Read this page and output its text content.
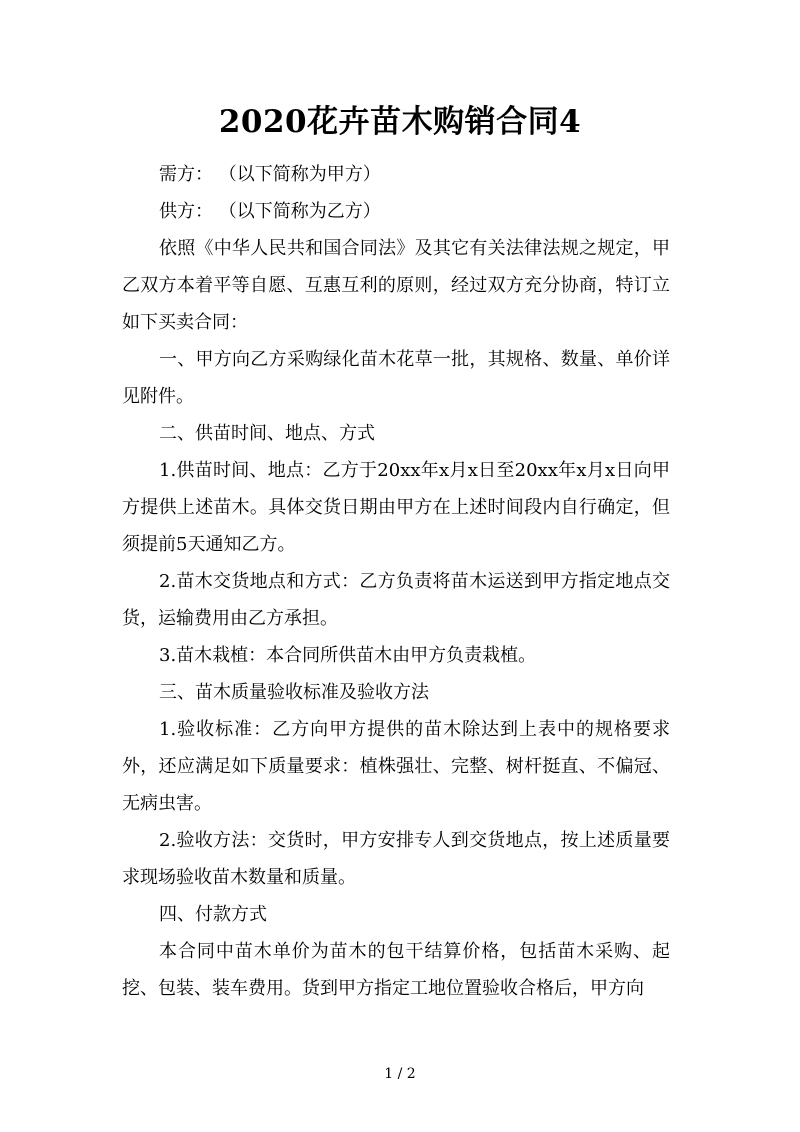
2020花卉苗木购销合同4

需方： （以下简称为甲方）

供方： （以下简称为乙方）

依照《中华人民共和国合同法》及其它有关法律法规之规定，甲乙双方本着平等自愿、互惠互利的原则，经过双方充分协商，特订立如下买卖合同：

一、甲方向乙方采购绿化苗木花草一批，其规格、数量、单价详见附件。

二、供苗时间、地点、方式

1.供苗时间、地点：乙方于20xx年x月x日至20xx年x月x日向甲方提供上述苗木。具体交货日期由甲方在上述时间段内自行确定，但须提前5天通知乙方。

2.苗木交货地点和方式：乙方负责将苗木运送到甲方指定地点交货，运输费用由乙方承担。

3.苗木栽植：本合同所供苗木由甲方负责栽植。

三、苗木质量验收标准及验收方法

1.验收标准：乙方向甲方提供的苗木除达到上表中的规格要求外，还应满足如下质量要求：植株强壮、完整、树杆挺直、不偏冠、无病虫害。

2.验收方法：交货时，甲方安排专人到交货地点，按上述质量要求现场验收苗木数量和质量。

四、付款方式

本合同中苗木单价为苗木的包干结算价格，包括苗木采购、起挖、包装、装车费用。货到甲方指定工地位置验收合格后，甲方向

1 / 2
